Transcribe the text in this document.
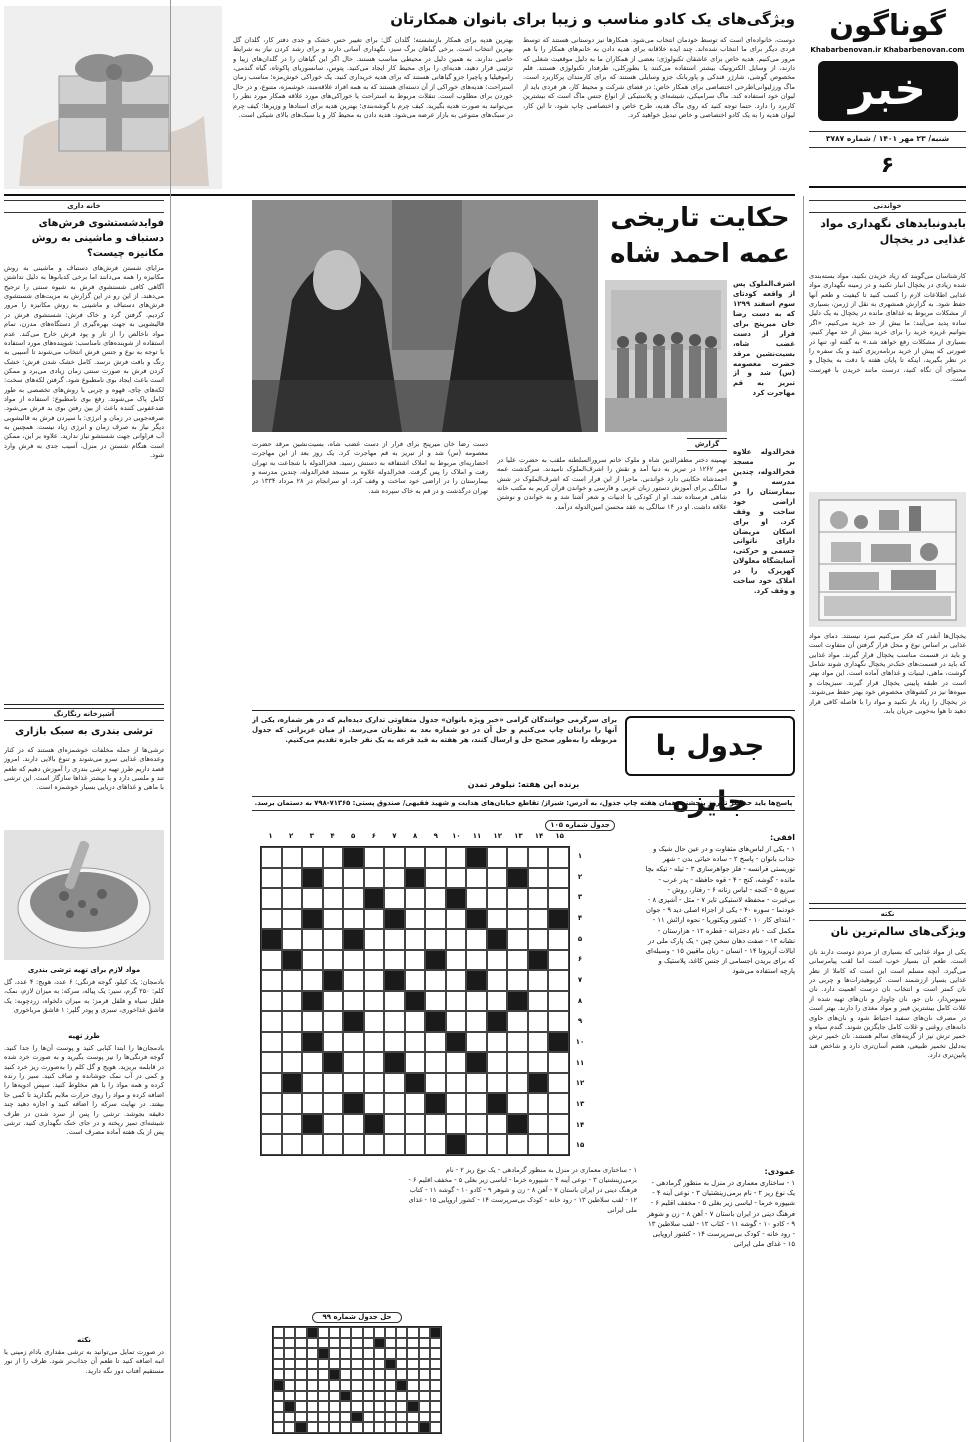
گوناگون
Khabarbenovan.ir Khabarbenovan.com
خبر
شنبه/ ۲۳ مهر ۱۴۰۱ / شماره ۳۷۸۷
۶
ویژگی‌های یک کادو مناسب و زیبا برای بانوان همکارتان
دوست، خانواده‌ای است که توسط خودمان انتخاب می‌شود. همکارها نیز دوستانی هستند که توسط فردی دیگر برای ما انتخاب شده‌اند. چند ایده خلاقانه برای هدیه دادن به خانم‌های همکار را با هم مرور می‌کنیم. هدیه خاص برای عاشقان تکنولوژی: بعضی از همکاران ما به دلیل موقعیت شغلی که دارند، از وسایل الکترونیک بیشتر استفاده می‌کنند یا بطورکلی، طرفدار تکنولوژی هستند. قلم مخصوص گوشی، شارژر فندکی و پاوربانک جزو وسایلی هستند که برای کارمندان پرکاربرد است. ماگ ورزلیوانی‌اطرحی اختصاصی برای همکار خاص: در فضای شرکت و محیط کار، هر فردی باید از لیوان خود استفاده کند. ماگ سرامیکی، شیشه‌ای و پلاستیکی از انواع جنس ماگ است که بیشترین کاربرد را دارد. حتما توجه کنید که روی ماگ هدیه، طرح خاص و اختصاصی چاپ شود، تا این کار، لیوان هدیه را به یک کادو اختصاصی و خاص تبدیل خواهید کرد.
بهترین هدیه برای همکار بازنشسته؛ گلدان گل: برای تغییر حس خشک و جدی دفتر کار، گلدان گل بهترین انتخاب است. برخی گیاهان برگ سبز، نگهداری آسانی دارند و برای رشد کردن نیاز به شرایط خاصی ندارند. به همین دلیل در محیطی مناسب هستند. حال اگر این گیاهان را در گلدان‌های زیبا و تزئینی قرار دهید، هدیه‌ای را برای محیط کار ایجاد می‌کنید. پتوس، سانسوریای پاکوتاه، گیاه گندمی، زاموفیلیا و پاچیرا جزو گیاهانی هستند که برای هدیه خریداری کنید. یک خوراکی خوش‌مزه؛ مناسب زمان استراحت: هدیه‌های خوراکی از آن دسته‌ای هستند که به همه افراد علاقه‌مند، خوشمزه، متنوع، و در حال خوردن برای مطلوب است. تنقلات مربوط به استراحت یا خوراکی‌های مورد علاقه همکار مورد نظر را می‌توانید به صورت هدیه بگیرید. کیف چرم با گوشه‌بندی؛ بهترین هدیه برای استادها و وزیرها: کیف چرم در سبک‌های متنوعی به بازار عرضه می‌شود. هدیه دادن به محیط کار و با سبک‌های بالای شیکی است.
خواندنی
بایدونبایدهای نگهداری مواد غذایی در یخچال
کارشناسان می‌گویند که زیاد خریدن نکنید، مواد بسته‌بندی شده زیادی در یخچال انبار نکنید و در زمینه نگهداری مواد غذایی اطلاعات لازم را کسب کنید تا کیفیت و طعم آنها حفظ شود. به گزارش همشهری به نقل از ژرمن، بسیاری از مشکلات مربوط به غذاهای مانده در یخچال به یک دلیل ساده پدید می‌آیند: ما بیش از حد خرید می‌کنیم. «اگر بتوانیم غریزه خرید را برای خرید بیش از حد مهار کنیم، بسیاری از مشکلات رفع خواهد شد.» به گفته او، تنها در صورتی که پیش از خرید برنامه‌ریزی کنید و یک سفره را در نظر بگیرید، اینکه تا پایان هفته با دقت به یخچال و محتوای آن نگاه کنید، درست مانند خریدن با فهرست است.
یخچال‌ها آنقدر که فکر می‌کنیم سرد نیستند. دمای مواد غذایی بر اساس نوع و محل قرار گرفتن آن متفاوت است و باید در قسمت مناسب یخچال قرار گیرند. مواد غذایی که باید در قسمت‌های خنک‌تر یخچال نگهداری شوند شامل گوشت، ماهی، لبنیات و غذاهای آماده است. این مواد بهتر است در طبقه پایینی یخچال قرار گیرند. سبزیجات و میوه‌ها نیز در کشوهای مخصوص خود بهتر حفظ می‌شوند. در یخچال را زیاد باز نکنید و مواد را با فاصله کافی قرار دهید تا هوا به‌خوبی جریان یابد.
نکته
ویژگی‌های سالم‌ترین نان
یکی از مواد غذایی که بسیاری از مردم دوست دارند نان است. طعم آن بسیار خوب است اما لقب پیامرسانی می‌گیرد. آنچه مسلم است این است که کاملا از نظر غذایی بسیار ارزشمند است. کربوهیدرات‌ها و چربی در نان کمتر است و انتخاب نان درست اهمیت دارد. نان سبوس‌دار، نان جو، نان چاودار و نان‌های تهیه شده از غلات کامل بیشترین فیبر و مواد مغذی را دارند. بهتر است در مصرف نان‌های سفید احتیاط شود و نان‌های حاوی دانه‌های روغنی و غلات کامل جایگزین شوند. گندم سیاه و خمیر ترش نیز از گزینه‌های سالم هستند. نان خمیر ترش به‌دلیل تخمیر طبیعی، هضم آسان‌تری دارد و شاخص قند پایین‌تری دارد.
حکایت تاریخی
عمه احمد شاه
اشرف‌الملوک پس از واقعه کودتای سوم اسفند ۱۲۹۹ که به دست رضا خان میرپنج برای فرار از دست غضب شاه، بسیت‌نشین مرقد حضرت معصومه (س) شد و از تبریز به قم مهاجرت کرد
فخرالدوله علاوه بر مسجد فخرالدوله، چندین مدرسه و بیمارستان را در اراضی خود ساخت و وقف کرد. او برای اسکان مریضان دارای ناتوانی جسمی و حرکتی، آسایشگاه معلولان کهریزک را در املاک خود ساخت و وقف کرد.
گزارش
تهمینه دختر مظفرالدین شاه و ملوک خانم سرورالسلطنه ملقب به حضرت علیا در مهر ۱۲۶۲ در تبریز به دنیا آمد و نقش را اشرف‌الملوک نامیدند. سرگذشت عمه احمدشاه حکایتی دارد خواندنی. ماجرا از این قرار است که اشرف‌الملوک در شش سالگی برای آموزش دستور زبان عربی و فارسی و خواندن قرآن کریم به مکتب خانه شاهی فرستاده شد. او از کودکی با ادبیات و شعر آشنا شد و به خواندن و نوشتن علاقه داشت. او در ۱۴ سالگی به عقد محسن امین‌الدوله درآمد.
دست رضا خان میرپنج برای فرار از دست غضب شاه، بسیت‌نشین مرقد حضرت معصومه (س) شد و از تبریز به قم مهاجرت کرد. یک روز بعد از این مهاجرت احضاریه‌ای مربوط به املاک اشتفاقه به دستش رسید. فخرالدوله با شجاعت به تهران رفت و املاک را پس گرفت. فخرالدوله علاوه بر مسجد فخرالدوله، چندین مدرسه و بیمارستان را در اراضی خود ساخت و وقف کرد. او سرانجام در ۲۸ مرداد ۱۳۳۴ در تهران درگذشت و در قم به خاک سپرده شد.
جدول با جایزه
برای سرگرمی خوانندگان گرامی «خبر ویژه بانوان» جدول متفاوتی تدارک دیده‌ایم که در هر شماره، یکی از آنها را برایتان چاپ می‌کنیم و حل آن در دو شماره بعد به نظرتان می‌رسد. از میان عزیزانی که جدول مربوطه را به‌طور صحیح حل و ارسال کنند، هر هفته به قید قرعه به یک نفر جایزه تقدیم می‌کنیم.
برنده این هفته: نیلوفر تمدن
پاسخ‌ها باید حداکثر تا روز پنجشنبه همان هفته چاپ جدول، به آدرس: شیراز/ تقاطع خیابان‌های هدایت و شهید فقیهی/ صندوق پستی: ۷۱۳۶۵-۷۹۸ به دستمان برسد.
جدول شماره ۱۰۵
افقی:
۱ - یکی از لباس‌های متفاوت و در عین حال شیک و جذاب بانوان - پاسخ ۲ - ساده حیاتی بدن - شهر توریستی فرانسه - فلز جواهرسازی ۳ - تیله - تیکه بچا مانده - گوشه، کنج - ۴ - قوه حافظه - پدر عرب - سریع ۵ - کنجه - لباس زنانه ۶ - رفتار، روش - بی‌غیرت - محفظه لاستیکی تایر ۷ - مثل - آشپزی ۸ - خودنما - سوره ۴۰ - یکی از اجزاء اصلی دید ۹ - جوان - ابتدای کار ۱۰ - کشور ویکتوریا - نحوه ارائش ۱۱ - مکمل کت - نام دخترانه - قطره ۱۲ - هزارستان - نشانه ۱۳ - صفت دهان سخن چین - یک پارک ملی در ایالات آریزونا ۱۴ - انسان - زبان ماقیبن ۱۵ - وسیله‌ای که برای بریدن اجسامی از جنس کاغذ، پلاستیک و پارچه استفاده می‌شود
عمودی:
۱ - ساختاری معماری در منزل به منظور گرمادهی - یک نوع ریز ۲ - نام برمی‌زینشتیان ۳ - نوعی آینه ۴ - شیپوره خرما - لباسی زیر بغلی ۵ - مخفف اقلیم ۶ - فرهنگ دینی در ایران باستان ۷ - آهن ۸ - زن و شوهر ۹ - کادو ۱۰ - گوشه ۱۱ - کتاب ۱۲ - لقب سلاطین ۱۳ - رود خانه - کودک بی‌سرپرست ۱۴ - کشور اروپایی ۱۵ - غذای ملی ایرانی
۱۵
۱۴
۱۳
۱۲
۱۱
۱۰
۹
۸
۷
۶
۵
۴
۳
۲
۱
۱
۲
۳
۴
۵
۶
۷
۸
۹
۱۰
۱۱
۱۲
۱۳
۱۴
۱۵
۱ - ساختاری معماری در منزل به منظور گرمادهی - یک نوع ریز ۲ - نام برمی‌زینشتیان ۳ - نوعی آینه ۴ - شیپوره خرما - لباسی زیر بغلی ۵ - مخفف اقلیم ۶ - فرهنگ دینی در ایران باستان ۷ - آهن ۸ - زن و شوهر ۹ - کادو ۱۰ - گوشه ۱۱ - کتاب ۱۲ - لقب سلاطین ۱۳ - رود خانه - کودک بی‌سرپرست ۱۴ - کشور اروپایی ۱۵ - غذای ملی ایرانی
حل جدول شماره ۹۹
خانه داری
فوایدشستشوی فرش‌های دستباف و ماشینی به روش مکانیزه چیست؟
مزایای شستن فرش‌های دستباف و ماشینی به روش مکانیزه را همه می‌دانند اما برخی کدبانوها به دلیل نداشتن آگاهی کافی شستشوی فرش به شیوه سنتی را ترجیح می‌دهند. از این رو در این گزارش به مزیت‌های شستشوی فرش‌های دستباف و ماشینی به روش مکانیزه را مرور کردیم. گرفتن گرد و خاک فرش: شستشوی فرش در قالیشویی به جهت بهره‌گیری از دستگاه‌های مدرن، تمام مواد ناخالص را از تار و پود فرش خارج می‌کند. عدم استفاده از شوینده‌های نامناسب: شوینده‌های مورد استفاده با توجه به نوع و جنس فرش انتخاب می‌شوند تا آسیبی به رنگ و بافت فرش نرسد. کامل خشک شدن فرش: خشک کردن فرش به صورت سنتی زمان زیادی می‌برد و ممکن است باعث ایجاد بوی نامطبوع شود. گرفتن لکه‌های سخت: لکه‌های چای، قهوه و چربی با روش‌های تخصصی به طور کامل پاک می‌شوند. رفع بوی نامطبوع: استفاده از مواد ضدعفونی کننده باعث از بین رفتن بوی بد فرش می‌شود. صرفه‌جویی در زمان و انرژی: با سپردن فرش به قالیشویی دیگر نیاز به صرف زمان و انرژی زیاد نیست. همچنین به آب فراوانی جهت شستشو نیاز ندارید. علاوه بر این، ممکن است هنگام شستن در منزل، آسیب جدی به فرش وارد شود.
آشپزخانه رنگارنگ
ترشی بندری به سبک بازاری
ترشی‌ها از جمله مخلفات خوشمزه‌ای هستند که در کنار وعده‌های غذایی سرو می‌شوند و تنوع بالایی دارند. امروز قصد داریم طرز تهیه ترشی بندری را آموزش دهیم که طعم تند و ملسی دارد و با بیشتر غذاها سازگار است. این ترشی با ماهی و غذاهای دریایی بسیار خوشمزه است.
مواد لازم برای تهیه ترشی بندری
بادمجان: یک کیلو، گوجه فرنگی: ۶ عدد، هویج: ۴ عدد، گل کلم: ۲۵۰ گرم، سیر: یک پیاله، سرکه: به میزان لازم، نمک، فلفل سیاه و فلفل قرمز: به میزان دلخواه، زردچوبه: یک قاشق غذاخوری، سبزی و پودر گلپر: ۱ قاشق مرباخوری
طرز تهیه
بادمجان‌ها را ابتدا کبابی کنید و پوست آن‌ها را جدا کنید. گوجه فرنگی‌ها را نیز پوست بگیرید و به صورت خرد شده در قابلمه بریزید. هویج و گل کلم را به‌صورت ریز خرد کنید و کمی در آب نمک جوشانده و صاف کنید. سیر را رنده کرده و همه مواد را با هم مخلوط کنید. سپس ادویه‌ها را اضافه کرده و مواد را روی حرارت ملایم بگذارید تا کمی جا بیفتد. در نهایت سرکه را اضافه کنید و اجازه دهید چند دقیقه بجوشد. ترشی را پس از سرد شدن در ظرف شیشه‌ای تمیز ریخته و در جای خنک نگهداری کنید. ترشی پس از یک هفته آماده مصرف است.
نکته
در صورت تمایل می‌توانید به ترشی مقداری بادام زمینی یا انبه اضافه کنید تا طعم آن جذاب‌تر شود. ظرف را از نور مستقیم آفتاب دور نگه دارید.
